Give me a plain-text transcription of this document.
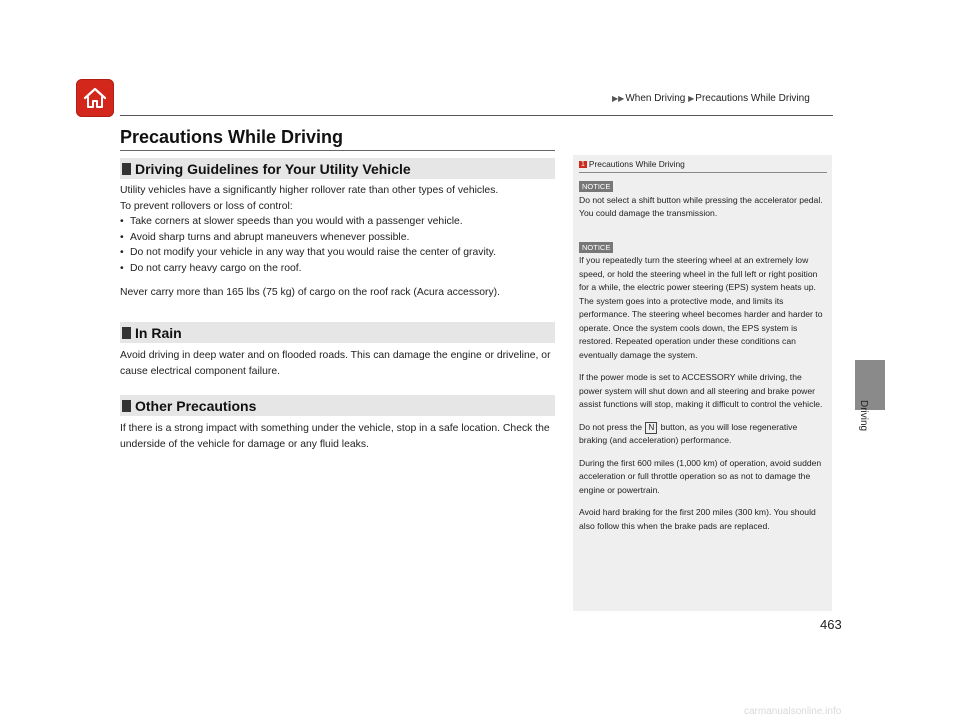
▶▶When Driving ▶Precautions While Driving
Driving
Precautions While Driving
Driving Guidelines for Your Utility Vehicle

Utility vehicles have a significantly higher rollover rate than other types of vehicles.

To prevent rollovers or loss of control:

• Take corners at slower speeds than you would with a passenger vehicle.
• Avoid sharp turns and abrupt maneuvers whenever possible.
• Do not modify your vehicle in any way that you would raise the center of gravity.
• Do not carry heavy cargo on the roof.

Never carry more than 165 lbs (75 kg) of cargo on the roof rack (Acura accessory).

In Rain

Avoid driving in deep water and on flooded roads. This can damage the engine or driveline, or cause electrical component failure.

Other Precautions

If there is a strong impact with something under the vehicle, stop in a safe location. Check the underside of the vehicle for damage or any fluid leaks.

1 Precautions While Driving
NOTICE

Do not select a shift button while pressing the accelerator pedal. You could damage the transmission.

NOTICE

If you repeatedly turn the steering wheel at an extremely low speed, or hold the steering wheel in the full left or right position for a while, the electric power steering (EPS) system heats up. The system goes into a protective mode, and limits its performance. The steering wheel becomes harder and harder to operate. Once the system cools down, the EPS system is restored. Repeated operation under these conditions can eventually damage the system.

If the power mode is set to ACCESSORY while driving, the power system will shut down and all steering and brake power assist functions will stop, making it difficult to control the vehicle.

Do not press the N button, as you will lose regenerative braking (and acceleration) performance.

During the first 600 miles (1,000 km) of operation, avoid sudden acceleration or full throttle operation so as not to damage the engine or powertrain.

Avoid hard braking for the first 200 miles (300 km). You should also follow this when the brake pads are replaced.

463
carmanualsonline.info
